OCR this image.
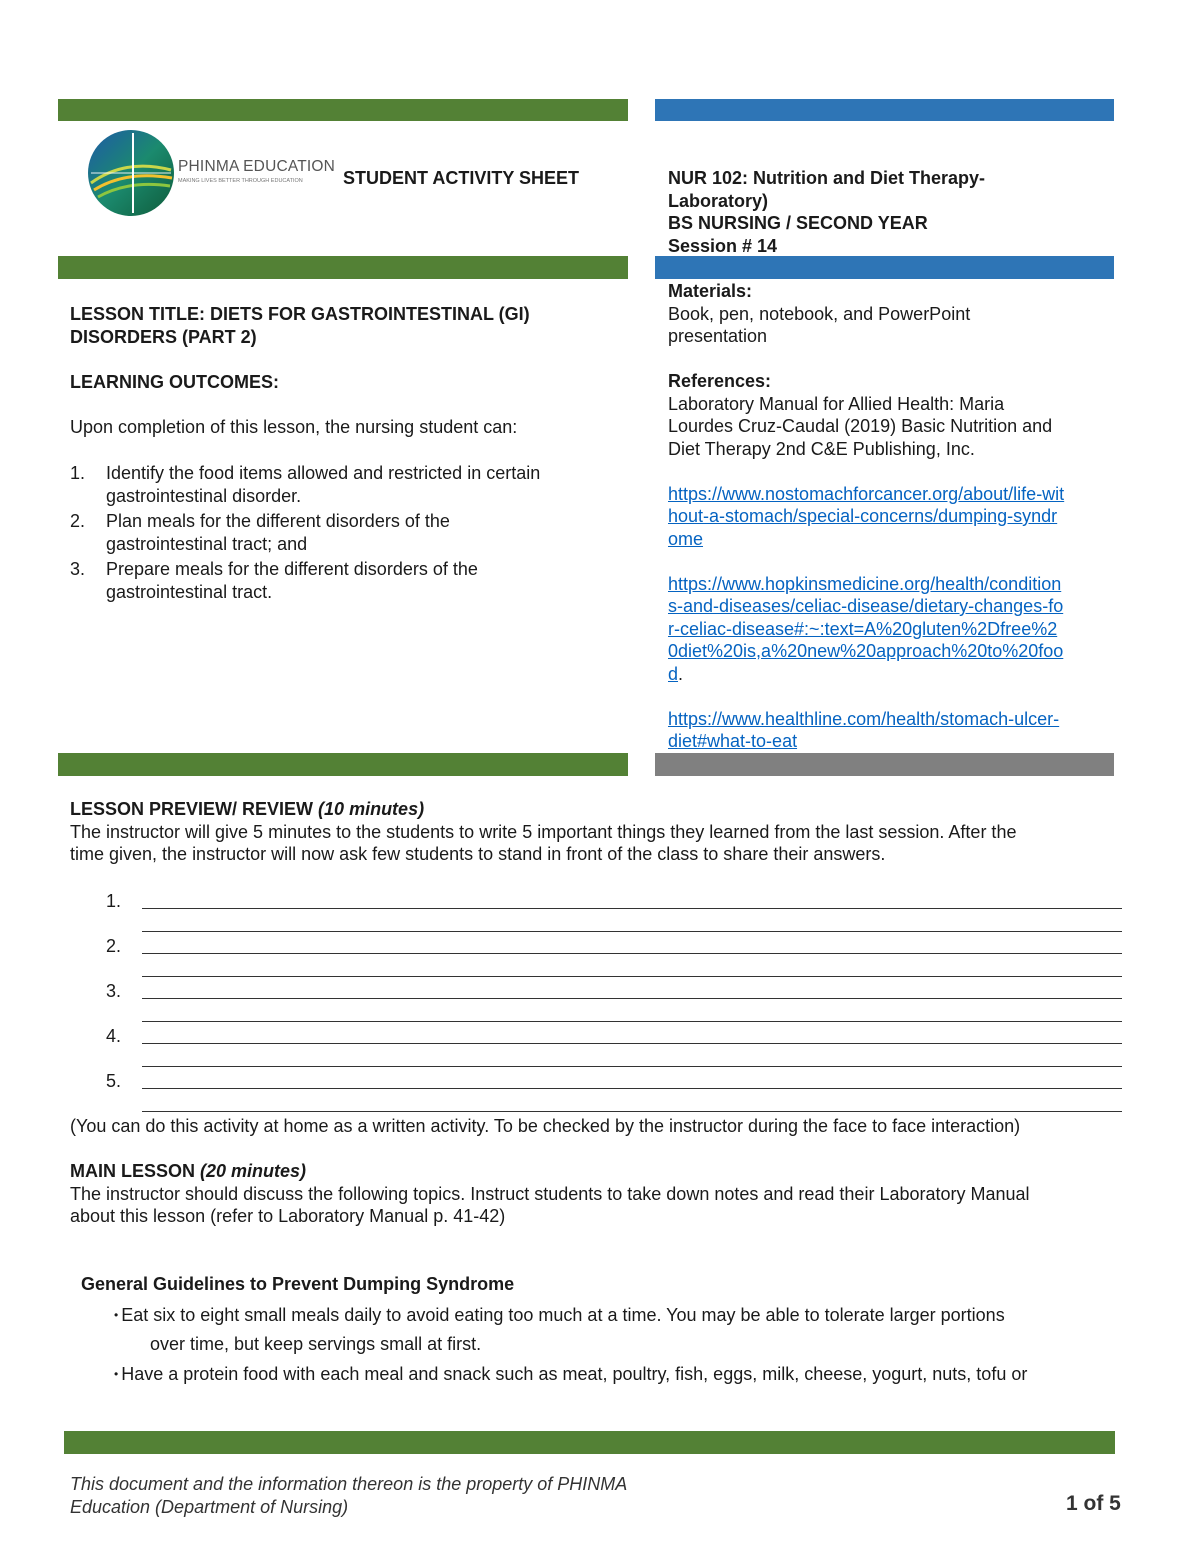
PHINMA EDUCATION
MAKING LIVES BETTER THROUGH EDUCATION STUDENT ACTIVITY SHEET	NUR 102: Nutrition and Diet Therapy-
Laboratory)
BS NURSING / SECOND YEAR
Session # 14
LESSON TITLE: DIETS FOR GASTROINTESTINAL (GI)
DISORDERS (PART 2)
LEARNING OUTCOMES:
Upon completion of this lesson, the nursing student can:
1. Identify the food items allowed and restricted in certain
gastrointestinal disorder.
2. Plan meals for the different disorders of the
gastrointestinal tract; and
3. Prepare meals for the different disorders of the
gastrointestinal tract.
Materials:
Book, pen, notebook, and PowerPoint
presentation
References:
Laboratory Manual for Allied Health: Maria
Lourdes Cruz-Caudal (2019) Basic Nutrition and
Diet Therapy 2nd C&E Publishing, Inc.
https://www.nostomachforcancer.org/about/life-wit
hout-a-stomach/special-concerns/dumping-syndr
ome
https://www.hopkinsmedicine.org/health/condition
s-and-diseases/celiac-disease/dietary-changes-fo
r-celiac-disease#:~:text=A%20gluten%2Dfree%2
0diet%20is,a%20new%20approach%20to%20foo
d.
https://www.healthline.com/health/stomach-ulcer-
diet#what-to-eat
LESSON PREVIEW/ REVIEW (10 minutes)
The instructor will give 5 minutes to the students to write 5 important things they learned from the last session. After the
time given, the instructor will now ask few students to stand in front of the class to share their answers.
1.
2.
3.
4.
5.
(You can do this activity at home as a written activity. To be checked by the instructor during the face to face interaction)
MAIN LESSON (20 minutes)
The instructor should discuss the following topics. Instruct students to take down notes and read their Laboratory Manual
about this lesson (refer to Laboratory Manual p. 41-42)
General Guidelines to Prevent Dumping Syndrome
• Eat six to eight small meals daily to avoid eating too much at a time. You may be able to tolerate larger portions
over time, but keep servings small at first.
• Have a protein food with each meal and snack such as meat, poultry, fish, eggs, milk, cheese, yogurt, nuts, tofu or
This document and the information thereon is the property of PHINMA
Education (Department of Nursing)	1 of 5
